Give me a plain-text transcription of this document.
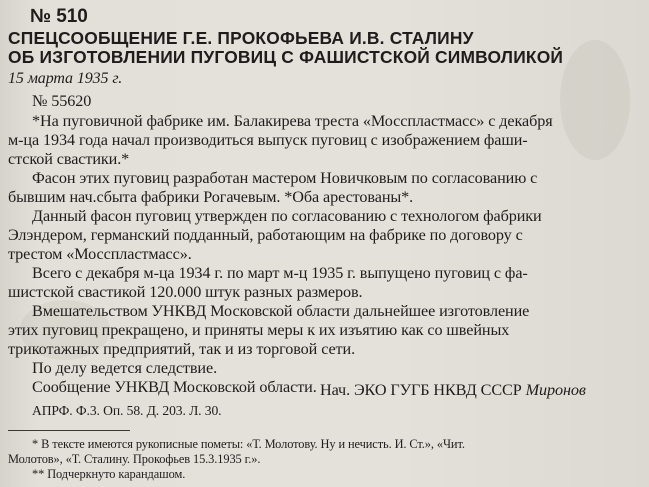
№ 510
СПЕЦСООБЩЕНИЕ Г.Е. ПРОКОФЬЕВА И.В. СТАЛИНУ
ОБ ИЗГОТОВЛЕНИИ ПУГОВИЦ С ФАШИСТСКОЙ СИМВОЛИКОЙ
15 марта 1935 г.
№ 55620
*На пуговичной фабрике им. Балакирева треста «Мосспластмасс» с декабря
м-ца 1934 года начал производиться выпуск пуговиц с изображением фаши-
стской свастики.*
Фасон этих пуговиц разработан мастером Новичковым по согласованию с
бывшим нач.сбыта фабрики Рогачевым. *Оба арестованы*.
Данный фасон пуговиц утвержден по согласованию с технологом фабрики
Элэндером, германский подданный, работающим на фабрике по договору с
трестом «Мосспластмасс».
Всего с декабря м-ца 1934 г. по март м-ц 1935 г. выпущено пуговиц с фа-
шистской свастикой 120.000 штук разных размеров.
Вмешательством УНКВД Московской области дальнейшее изготовление
этих пуговиц прекращено, и приняты меры к их изъятию как со швейных
трикотажных предприятий, так и из торговой сети.
По делу ведется следствие.
Сообщение УНКВД Московской области. Нач. ЭКО ГУГБ НКВД СССР Миронов
АПРФ. Ф.3. Оп. 58. Д. 203. Л. 30.
* В тексте имеются рукописные пометы: «Т. Молотову. Ну и нечисть. И. Ст.», «Чит.
Молотов», «Т. Сталину. Прокофьев 15.3.1935 г.».
** Подчеркнуто карандашом.
